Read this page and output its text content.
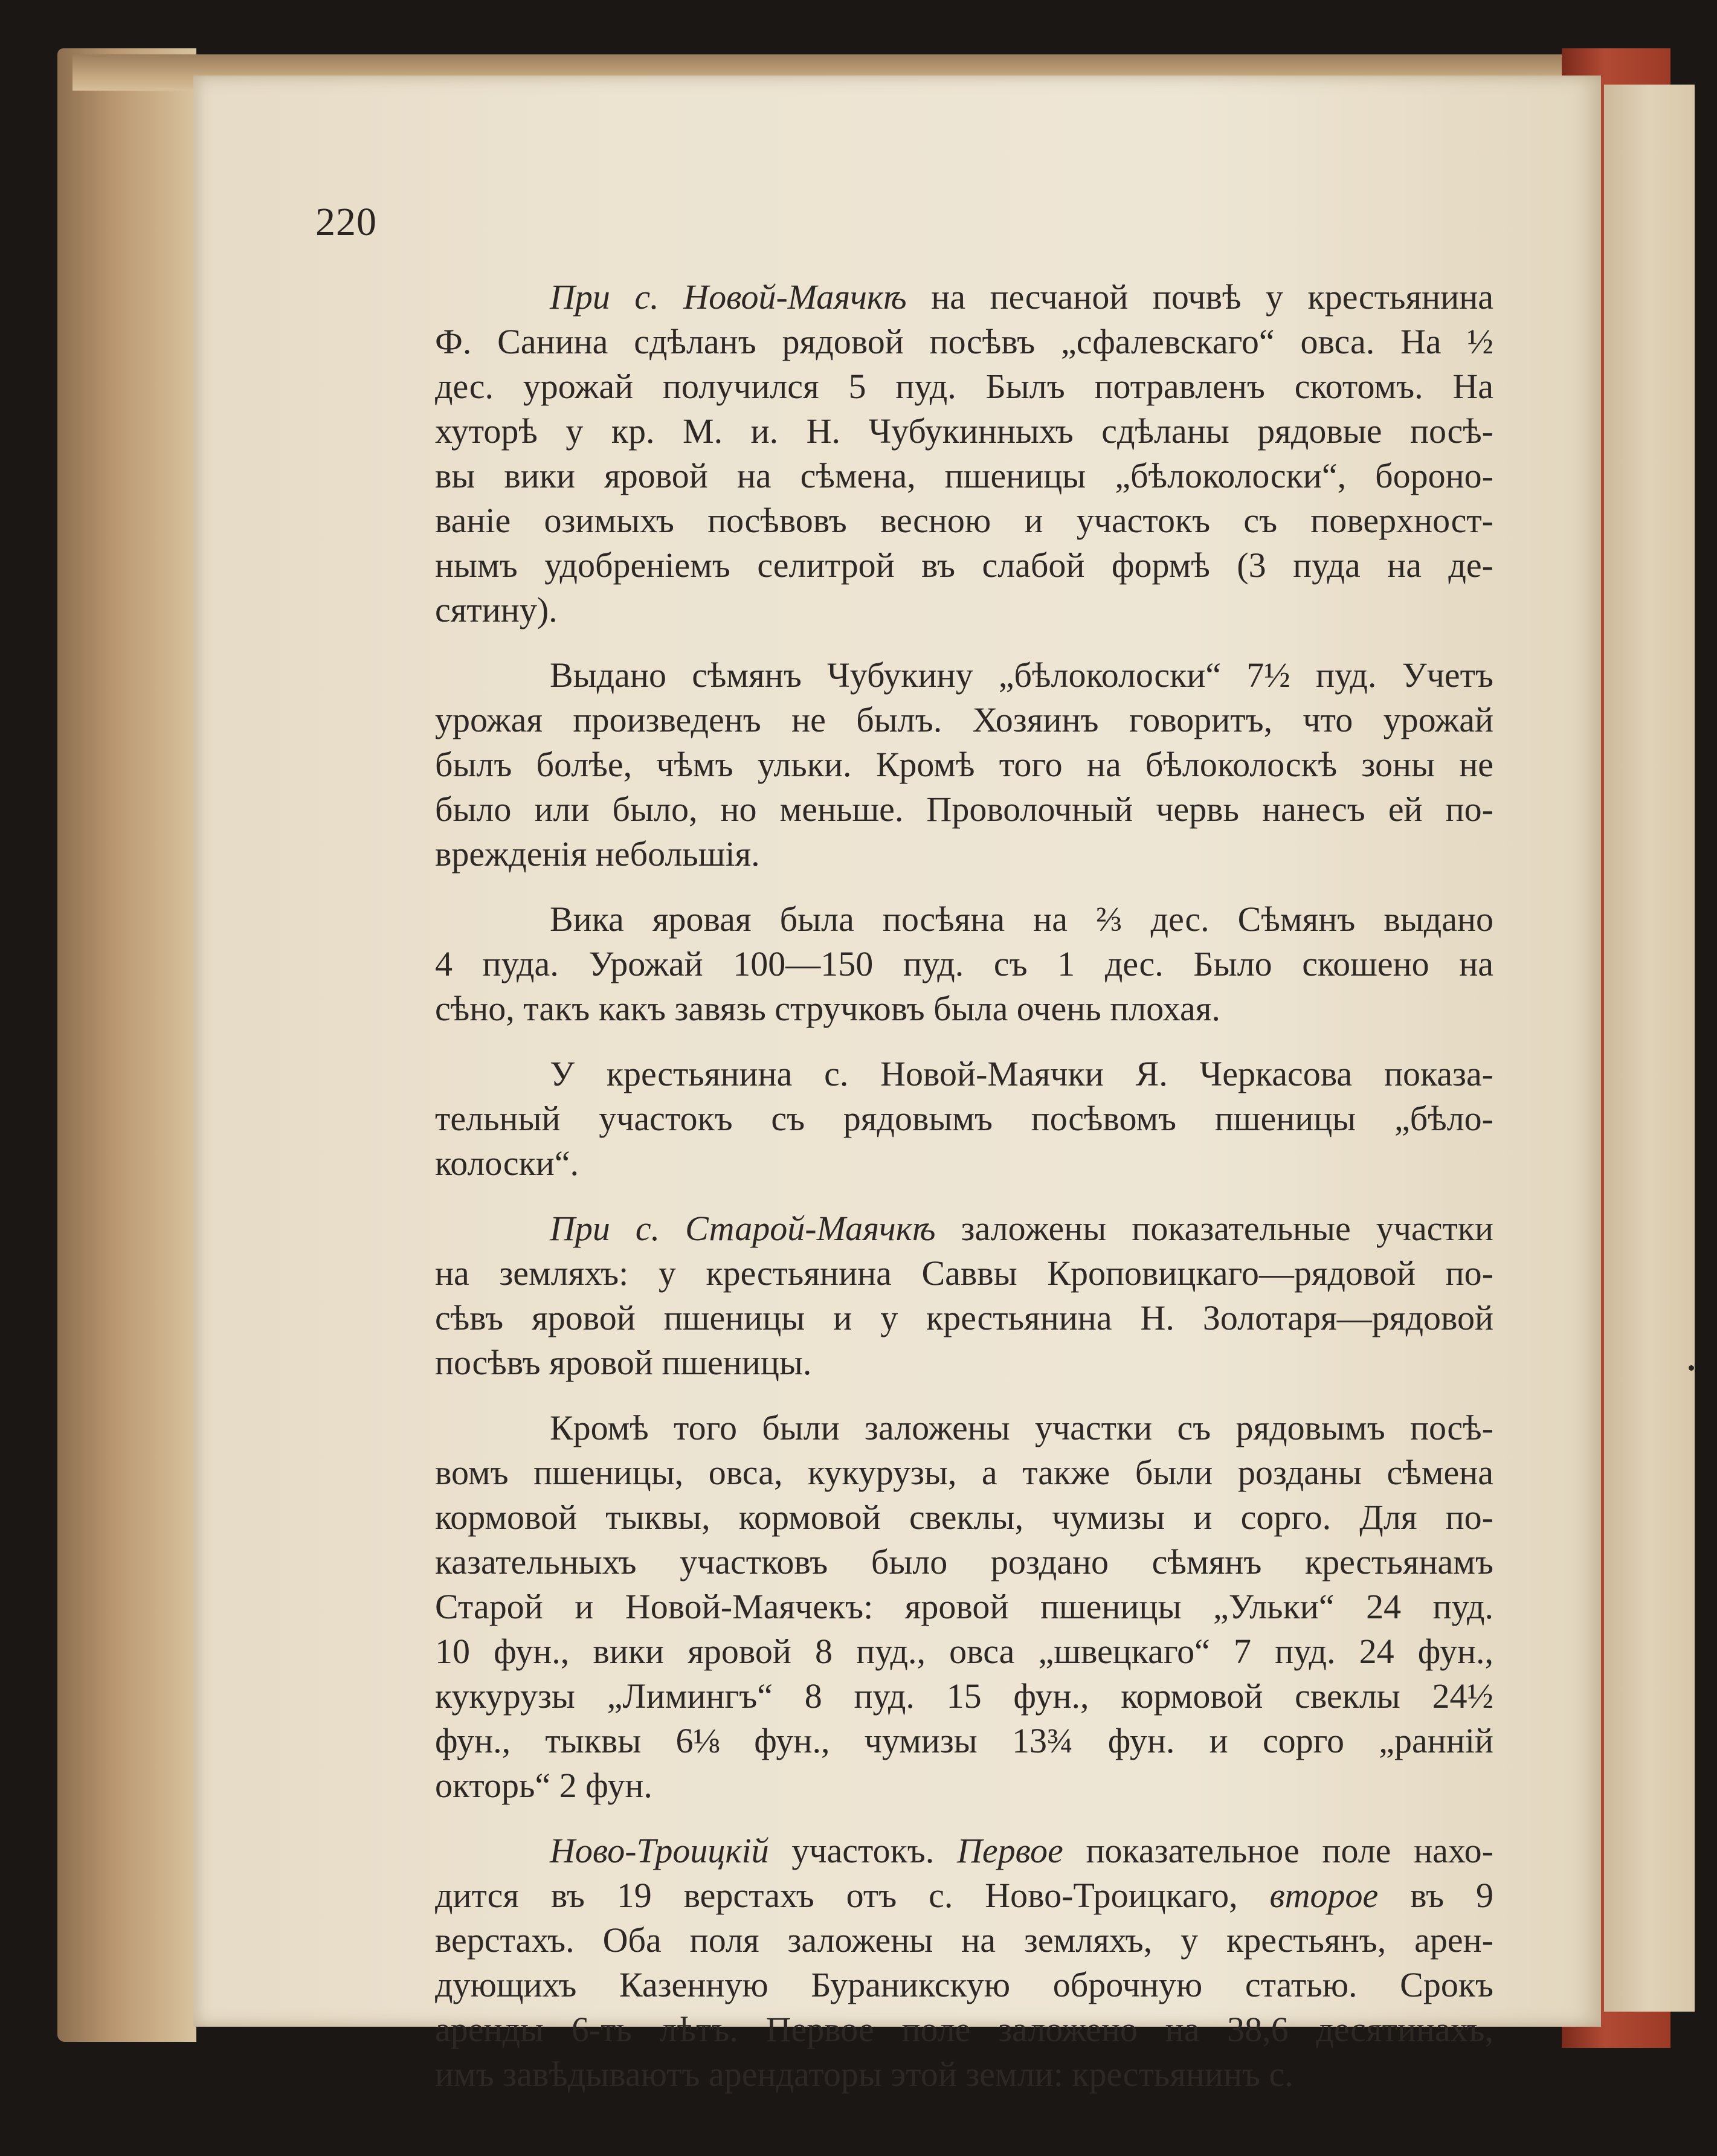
220
При с. Новой-Маячкѣ на песчаной почвѣ у крестьянина
Ф. Санина сдѣланъ рядовой посѣвъ „сфалевскаго“ овса. На ½
дес. урожай получился 5 пуд. Былъ потравленъ скотомъ. На
хуторѣ у кр. М. и. Н. Чубукинныхъ сдѣланы рядовые посѣ-
вы вики яровой на сѣмена, пшеницы „бѣлоколоски“, бороно-
ванiе озимыхъ посѣвовъ весною и участокъ съ поверхност-
нымъ удобренiемъ селитрой въ слабой формѣ (3 пуда на де-
сятину).
Выдано сѣмянъ Чубукину „бѣлоколоски“ 7½ пуд. Учетъ
урожая произведенъ не былъ. Хозяинъ говоритъ, что урожай
былъ болѣе, чѣмъ ульки. Кромѣ того на бѣлоколоскѣ зоны не
было или было, но меньше. Проволочный червь нанесъ ей по-
врежденiя небольшiя.
Вика яровая была посѣяна на ⅔ дес. Сѣмянъ выдано
4 пуда. Урожай 100—150 пуд. съ 1 дес. Было скошено на
сѣно, такъ какъ завязь стручковъ была очень плохая.
У крестьянина с. Новой-Маячки Я. Черкасова показа-
тельный участокъ съ рядовымъ посѣвомъ пшеницы „бѣло-
колоски“.
При с. Старой-Маячкѣ заложены показательные участки
на земляхъ: у крестьянина Саввы Кроповицкаго—рядовой по-
сѣвъ яровой пшеницы и у крестьянина Н. Золотаря—рядовой
посѣвъ яровой пшеницы.
Кромѣ того были заложены участки съ рядовымъ посѣ-
вомъ пшеницы, овса, кукурузы, а также были розданы сѣмена
кормовой тыквы, кормовой свеклы, чумизы и сорго. Для по-
казательныхъ участковъ было роздано сѣмянъ крестьянамъ
Старой и Новой-Маячекъ: яровой пшеницы „Ульки“ 24 пуд.
10 фун., вики яровой 8 пуд., овса „швецкаго“ 7 пуд. 24 фун.,
кукурузы „Лимингъ“ 8 пуд. 15 фун., кормовой свеклы 24½
фун., тыквы 6⅛ фун., чумизы 13¾ фун. и сорго „раннiй
окторь“ 2 фун.
Ново-Троицкiй участокъ. Первое показательное поле нахо-
дится въ 19 верстахъ отъ с. Ново-Троицкаго, второе въ 9
верстахъ. Оба поля заложены на земляхъ, у крестьянъ, арен-
дующихъ Казенную Бураникскую оброчную статью. Срокъ
аренды 6-ть лѣтъ. Первое поле заложено на 38,6 десятинахъ,
имъ завѣдываютъ арендаторы этой земли: крестьянинъ с.
